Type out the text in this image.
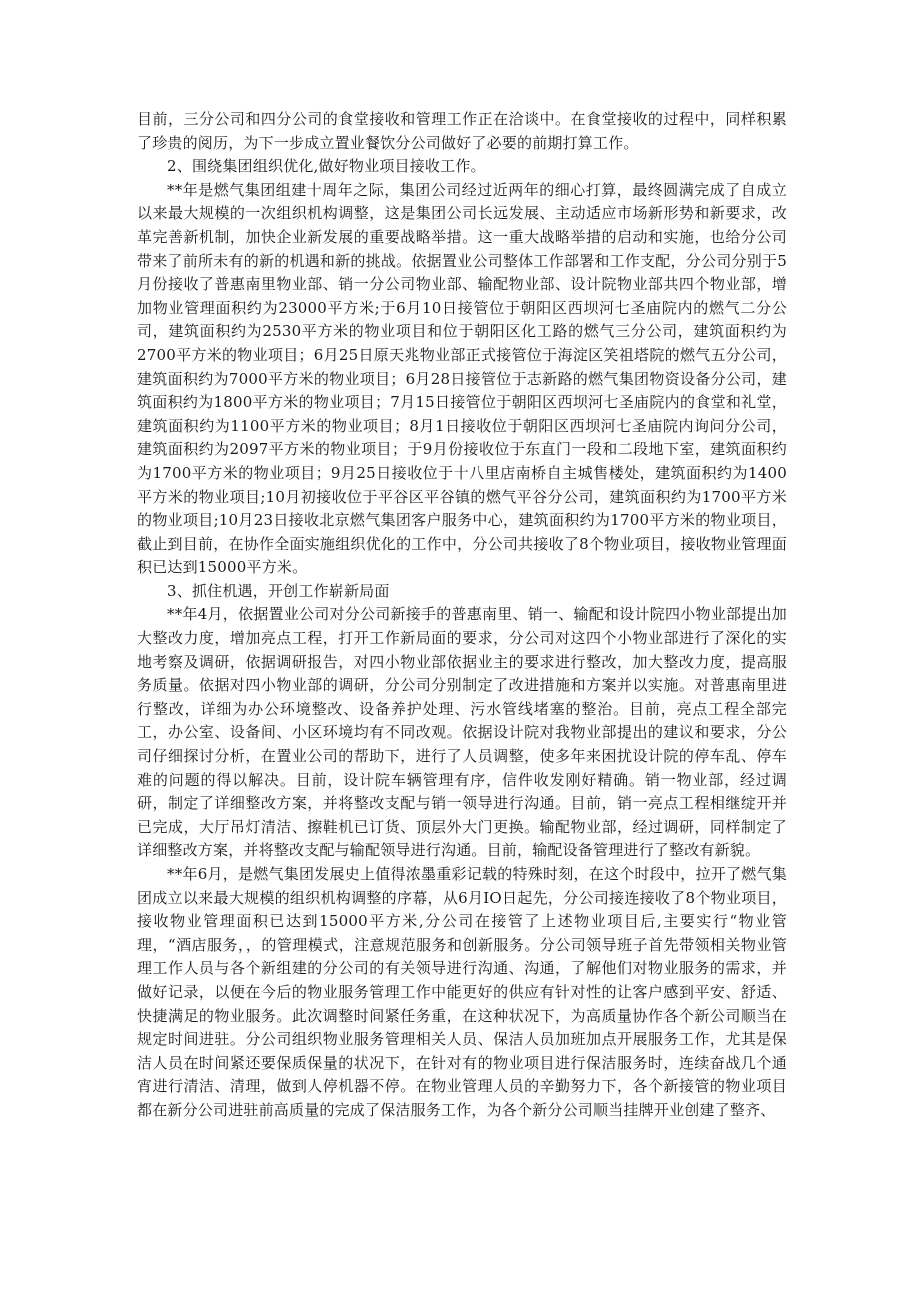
目前，三分公司和四分公司的食堂接收和管理工作正在洽谈中。在食堂接收的过程中，同样积累了珍贵的阅历，为下一步成立置业餐饮分公司做好了必要的前期打算工作。

2、围绕集团组织优化,做好物业项目接收工作。

**年是燃气集团组建十周年之际，集团公司经过近两年的细心打算，最终圆满完成了自成立以来最大规模的一次组织机构调整，这是集团公司长远发展、主动适应市场新形势和新要求，改革完善新机制，加快企业新发展的重要战略举措。这一重大战略举措的启动和实施，也给分公司带来了前所未有的新的机遇和新的挑战。依据置业公司整体工作部署和工作支配，分公司分别于5月份接收了普惠南里物业部、销一分公司物业部、输配物业部、设计院物业部共四个物业部，增加物业管理面积约为23000平方米;于6月10日接管位于朝阳区西坝河七圣庙院内的燃气二分公司，建筑面积约为2530平方米的物业项目和位于朝阳区化工路的燃气三分公司，建筑面积约为2700平方米的物业项目；6月25日原天兆物业部正式接管位于海淀区笑祖塔院的燃气五分公司，建筑面积约为7000平方米的物业项目；6月28日接管位于志新路的燃气集团物资设备分公司，建筑面积约为1800平方米的物业项目；7月15日接管位于朝阳区西坝河七圣庙院内的食堂和礼堂，建筑面积约为1100平方米的物业项目；8月1日接收位于朝阳区西坝河七圣庙院内询问分公司，建筑面积约为2097平方米的物业项目；于9月份接收位于东直门一段和二段地下室，建筑面积约为1700平方米的物业项目；9月25日接收位于十八里店南桥自主城售楼处，建筑面积约为1400平方米的物业项目;10月初接收位于平谷区平谷镇的燃气平谷分公司，建筑面积约为1700平方米的物业项目;10月23日接收北京燃气集团客户服务中心，建筑面积约为1700平方米的物业项目，截止到目前，在协作全面实施组织优化的工作中，分公司共接收了8个物业项目，接收物业管理面积已达到15000平方米。

3、抓住机遇，开创工作崭新局面

**年4月，依据置业公司对分公司新接手的普惠南里、销一、输配和设计院四小物业部提出加大整改力度，增加亮点工程，打开工作新局面的要求，分公司对这四个小物业部进行了深化的实地考察及调研，依据调研报告，对四小物业部依据业主的要求进行整改，加大整改力度，提高服务质量。依据对四小物业部的调研，分公司分别制定了改进措施和方案并以实施。对普惠南里进行整改，详细为办公环境整改、设备养护处理、污水管线堵塞的整治。目前，亮点工程全部完工，办公室、设备间、小区环境均有不同改观。依据设计院对我物业部提出的建议和要求，分公司仔细探讨分析，在置业公司的帮助下，进行了人员调整，使多年来困扰设计院的停车乱、停车难的问题的得以解决。目前，设计院车辆管理有序，信件收发刚好精确。销一物业部，经过调研，制定了详细整改方案，并将整改支配与销一领导进行沟通。目前，销一亮点工程相继绽开并已完成，大厅吊灯清洁、擦鞋机已订货、顶层外大门更换。输配物业部，经过调研，同样制定了详细整改方案，并将整改支配与输配领导进行沟通。目前，输配设备管理进行了整改有新貌。

**年6月，是燃气集团发展史上值得浓墨重彩记载的特殊时刻，在这个时段中，拉开了燃气集团成立以来最大规模的组织机构调整的序幕，从6月IO日起先，分公司接连接收了8个物业项目，接收物业管理面积已达到15000平方米,分公司在接管了上述物业项目后,主要实行“物业管理，“酒店服务，，的管理模式，注意规范服务和创新服务。分公司领导班子首先带领相关物业管理工作人员与各个新组建的分公司的有关领导进行沟通、沟通，了解他们对物业服务的需求，并做好记录，以便在今后的物业服务管理工作中能更好的供应有针对性的让客户感到平安、舒适、快捷满足的物业服务。此次调整时间紧任务重，在这种状况下，为高质量协作各个新公司顺当在规定时间进驻。分公司组织物业服务管理相关人员、保洁人员加班加点开展服务工作，尤其是保洁人员在时间紧还要保质保量的状况下，在针对有的物业项目进行保洁服务时，连续奋战几个通宵进行清洁、清理，做到人停机器不停。在物业管理人员的辛勤努力下，各个新接管的物业项目都在新分公司进驻前高质量的完成了保洁服务工作，为各个新分公司顺当挂牌开业创建了整齐、
